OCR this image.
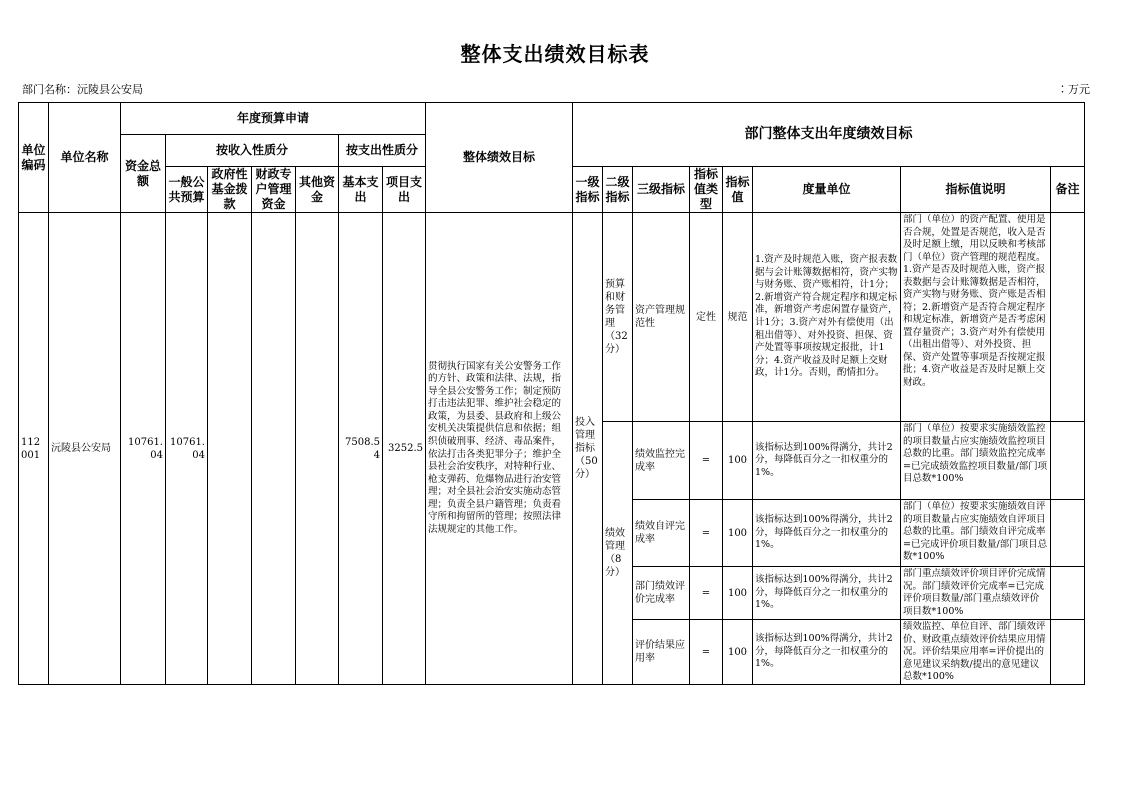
整体支出绩效目标表
部门名称：沅陵县公安局	∶万元
单位编码	单位名称	年度预算申请							整体绩效目标	部门整体支出年度绩效目标							
		资金总额	按收入性质分				按支出性质分										
			一般公共预算	政府性基金拨款	财政专户管理资金	其他资金	基本支出	项目支出		一级指标	二级指标	三级指标	指标值类型	指标值	度量单位	指标值说明	备注
112001	沅陵县公安局	10761.04	10761.04				7508.54	3252.5	贯彻执行国家有关公安警务工作的方针、政策和法律、法规，指导全县公安警务工作；制定预防打击违法犯罪、维护社会稳定的政策，为县委、县政府和上级公安机关决策提供信息和依据；组织侦破刑事、经济、毒品案件，依法打击各类犯罪分子；维护全县社会治安秩序，对特种行业、枪支弹药、危爆物品进行治安管理；对全县社会治安实施动态管理；负责全县户籍管理；负责看守所和拘留所的管理；按照法律法规规定的其他工作。	投入管理指标（50分）	预算和财务管理（32分）	资产管理规范性	定性	规范	1.资产及时规范入账，资产报表数据与会计账簿数据相符，资产实物与财务账、资产账相符，计1分；2.新增资产符合规定程序和规定标准，新增资产考虑闲置存量资产，计1分；3.资产对外有偿使用（出租出借等）、对外投资、担保、资产处置等事项按规定报批，计1分；4.资产收益及时足额上交财政，计1分。否则，酌情扣分。	部门（单位）的资产配置、使用是否合规，处置是否规范，收入是否及时足额上缴，用以反映和考核部门（单位）资产管理的规范程度。1.资产是否及时规范入账，资产报表数据与会计账簿数据是否相符，资产实物与财务账、资产账是否相符；2.新增资产是否符合规定程序和规定标准，新增资产是否考虑闲置存量资产；3.资产对外有偿使用（出租出借等）、对外投资、担保、资产处置等事项是否按规定报批；4.资产收益是否及时足额上交财政。	

											绩效管理（8分）	绩效监控完成率	=	100	该指标达到100%得满分，共计2分，每降低百分之一扣权重分的1%。	部门（单位）按要求实施绩效监控的项目数量占应实施绩效监控项目总数的比重。部门绩效监控完成率=已完成绩效监控项目数量/部门项目总数*100%	

												绩效自评完成率	=	100	该指标达到100%得满分，共计2分，每降低百分之一扣权重分的1%。	部门（单位）按要求实施绩效自评的项目数量占应实施绩效自评项目总数的比重。部门绩效自评完成率=已完成评价项目数量/部门项目总数*100%	

												部门绩效评价完成率	=	100	该指标达到100%得满分，共计2分，每降低百分之一扣权重分的1%。	部门重点绩效评价项目评价完成情况。部门绩效评价完成率=已完成评价项目数量/部门重点绩效评价项目数*100%	

												评价结果应用率	=	100	该指标达到100%得满分，共计2分，每降低百分之一扣权重分的1%。	绩效监控、单位自评、部门绩效评价、财政重点绩效评价结果应用情况。评价结果应用率=评价提出的意见建议采纳数/提出的意见建议总数*100%	
